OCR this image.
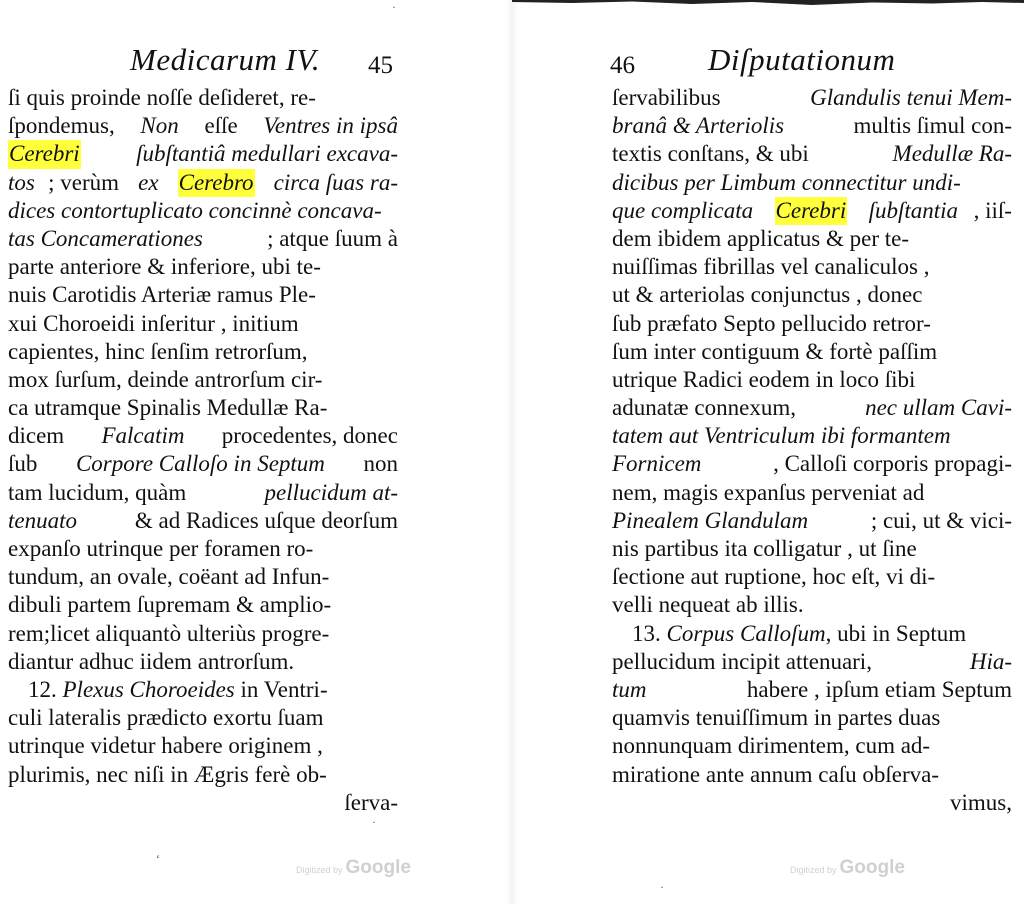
Medicarum IV. 45
ſi quis proinde noſſe deſideret, re-
ſpondemus, Non eſſe Ventres in ipsâ
Cerebri ſubſtantiâ medullari excava-
tos ; verùm ex Cerebro circa ſuas ra-
dices contortuplicato concinnè concava-
tas Concamerationes	; atque ſuum à
parte anteriore & inferiore, ubi te-
nuis Carotidis Arteriæ ramus Ple-
xui Choroeidi inſeritur , initium
capientes, hinc ſenſim retrorſum,
mox ſurſum, deinde antrorſum cir-
ca utramque Spinalis Medullæ Ra-
dicem Falcatim procedentes, donec
ſub Corpore Calloſo in Septum non
tam lucidum, quàm	pellucidum at-
tenuato & ad Radices uſque deorſum
expanſo utrinque per foramen ro-
tundum, an ovale, coëant ad Infun-
dibuli partem ſupremam & amplio-
rem;licet aliquantò ulteriùs progre-
diantur adhuc iidem antrorſum.
12. Plexus Choroeides in Ventri-
culi lateralis prædicto exortu ſuam
utrinque videtur habere originem ,
plurimis, nec niſi in Ægris ferè ob-
ſerva-
Digitized by Google
‘
·
·
46 Diſputationum
ſervabilibus	Glandulis tenui Mem-
branâ & Arteriolis	multis ſimul con-
textis conſtans, & ubi	Medullæ Ra-
dicibus per Limbum connectitur undi-
que complicata Cerebri ſubſtantia , iiſ-
dem ibidem applicatus & per te-
nuiſſimas fibrillas vel canaliculos ,
ut & arteriolas conjunctus , donec
ſub præfato Septo pellucido retror-
ſum inter contiguum & fortè paſſim
utrique Radici eodem in loco ſibi
adunatæ connexum,	nec ullam Cavi-
tatem aut Ventriculum ibi formantem
Fornicem	, Calloſi corporis propagi-
nem, magis expanſus perveniat ad
Pinealem Glandulam ; cui, ut & vici-
nis partibus ita colligatur , ut ſine
ſectione aut ruptione, hoc eſt, vi di-
velli nequeat ab illis.
13. Corpus Calloſum , ubi in Septum
pellucidum incipit attenuari,	Hia-
tum	habere , ipſum etiam Septum
quamvis tenuiſſimum in partes duas
nonnunquam dirimentem, cum ad-
miratione ante annum caſu obſerva-
vimus,
Digitized by Google
·
